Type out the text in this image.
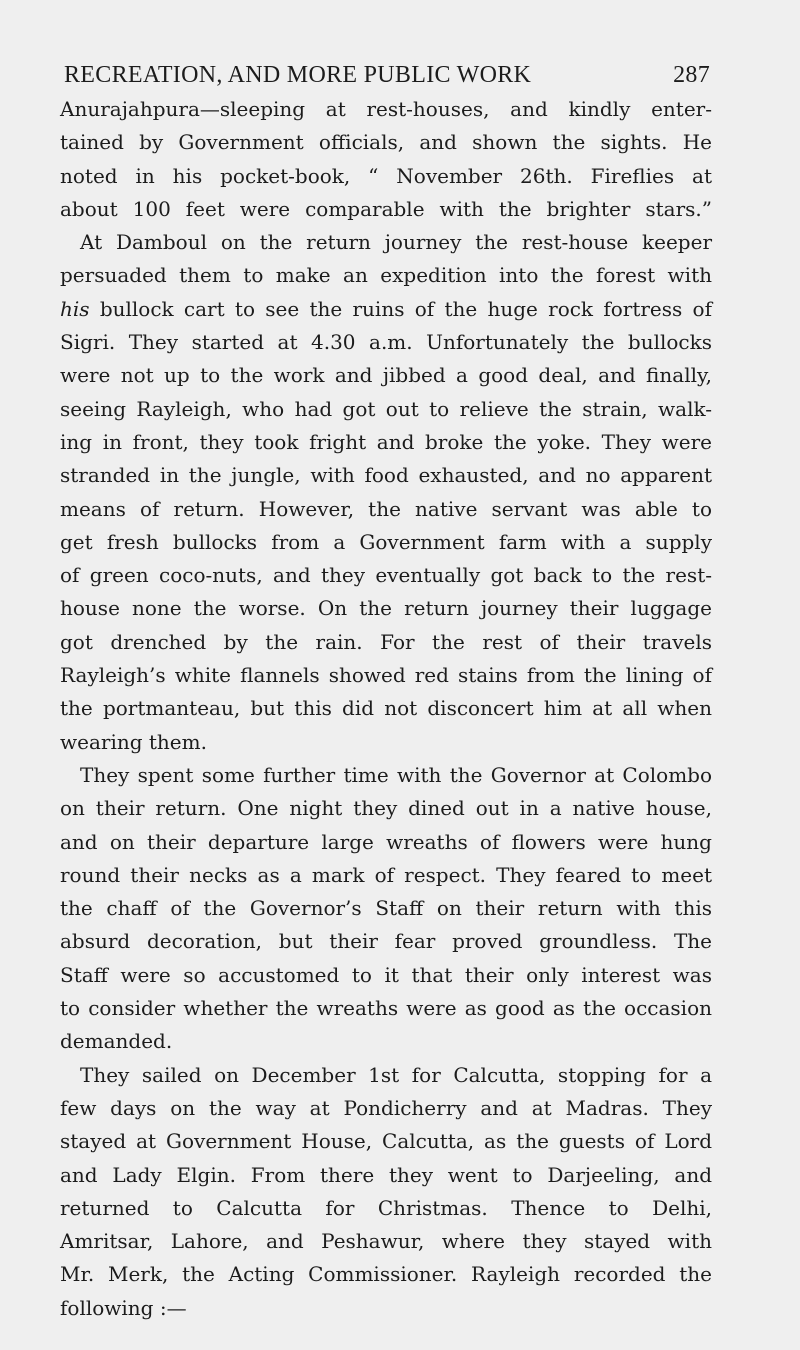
RECREATION, AND MORE PUBLIC WORK	287
Anurajahpura—sleeping at rest-houses, and kindly enter-
tained by Government officials, and shown the sights. He
noted in his pocket-book, “ November 26th. Fireflies at
about 100 feet were comparable with the brighter stars.”
At Damboul on the return journey the rest-house keeper
persuaded them to make an expedition into the forest with
his bullock cart to see the ruins of the huge rock fortress of
Sigri. They started at 4.30 a.m. Unfortunately the bullocks
were not up to the work and jibbed a good deal, and finally,
seeing Rayleigh, who had got out to relieve the strain, walk-
ing in front, they took fright and broke the yoke. They were
stranded in the jungle, with food exhausted, and no apparent
means of return. However, the native servant was able to
get fresh bullocks from a Government farm with a supply
of green coco-nuts, and they eventually got back to the rest-
house none the worse. On the return journey their luggage
got drenched by the rain. For the rest of their travels
Rayleigh’s white flannels showed red stains from the lining of
the portmanteau, but this did not disconcert him at all when
wearing them.
They spent some further time with the Governor at Colombo
on their return. One night they dined out in a native house,
and on their departure large wreaths of flowers were hung
round their necks as a mark of respect. They feared to meet
the chaff of the Governor’s Staff on their return with this
absurd decoration, but their fear proved groundless. The
Staff were so accustomed to it that their only interest was
to consider whether the wreaths were as good as the occasion
demanded.
They sailed on December 1st for Calcutta, stopping for a
few days on the way at Pondicherry and at Madras. They
stayed at Government House, Calcutta, as the guests of Lord
and Lady Elgin. From there they went to Darjeeling, and
returned to Calcutta for Christmas. Thence to Delhi,
Amritsar, Lahore, and Peshawur, where they stayed with
Mr. Merk, the Acting Commissioner. Rayleigh recorded the
following :—
